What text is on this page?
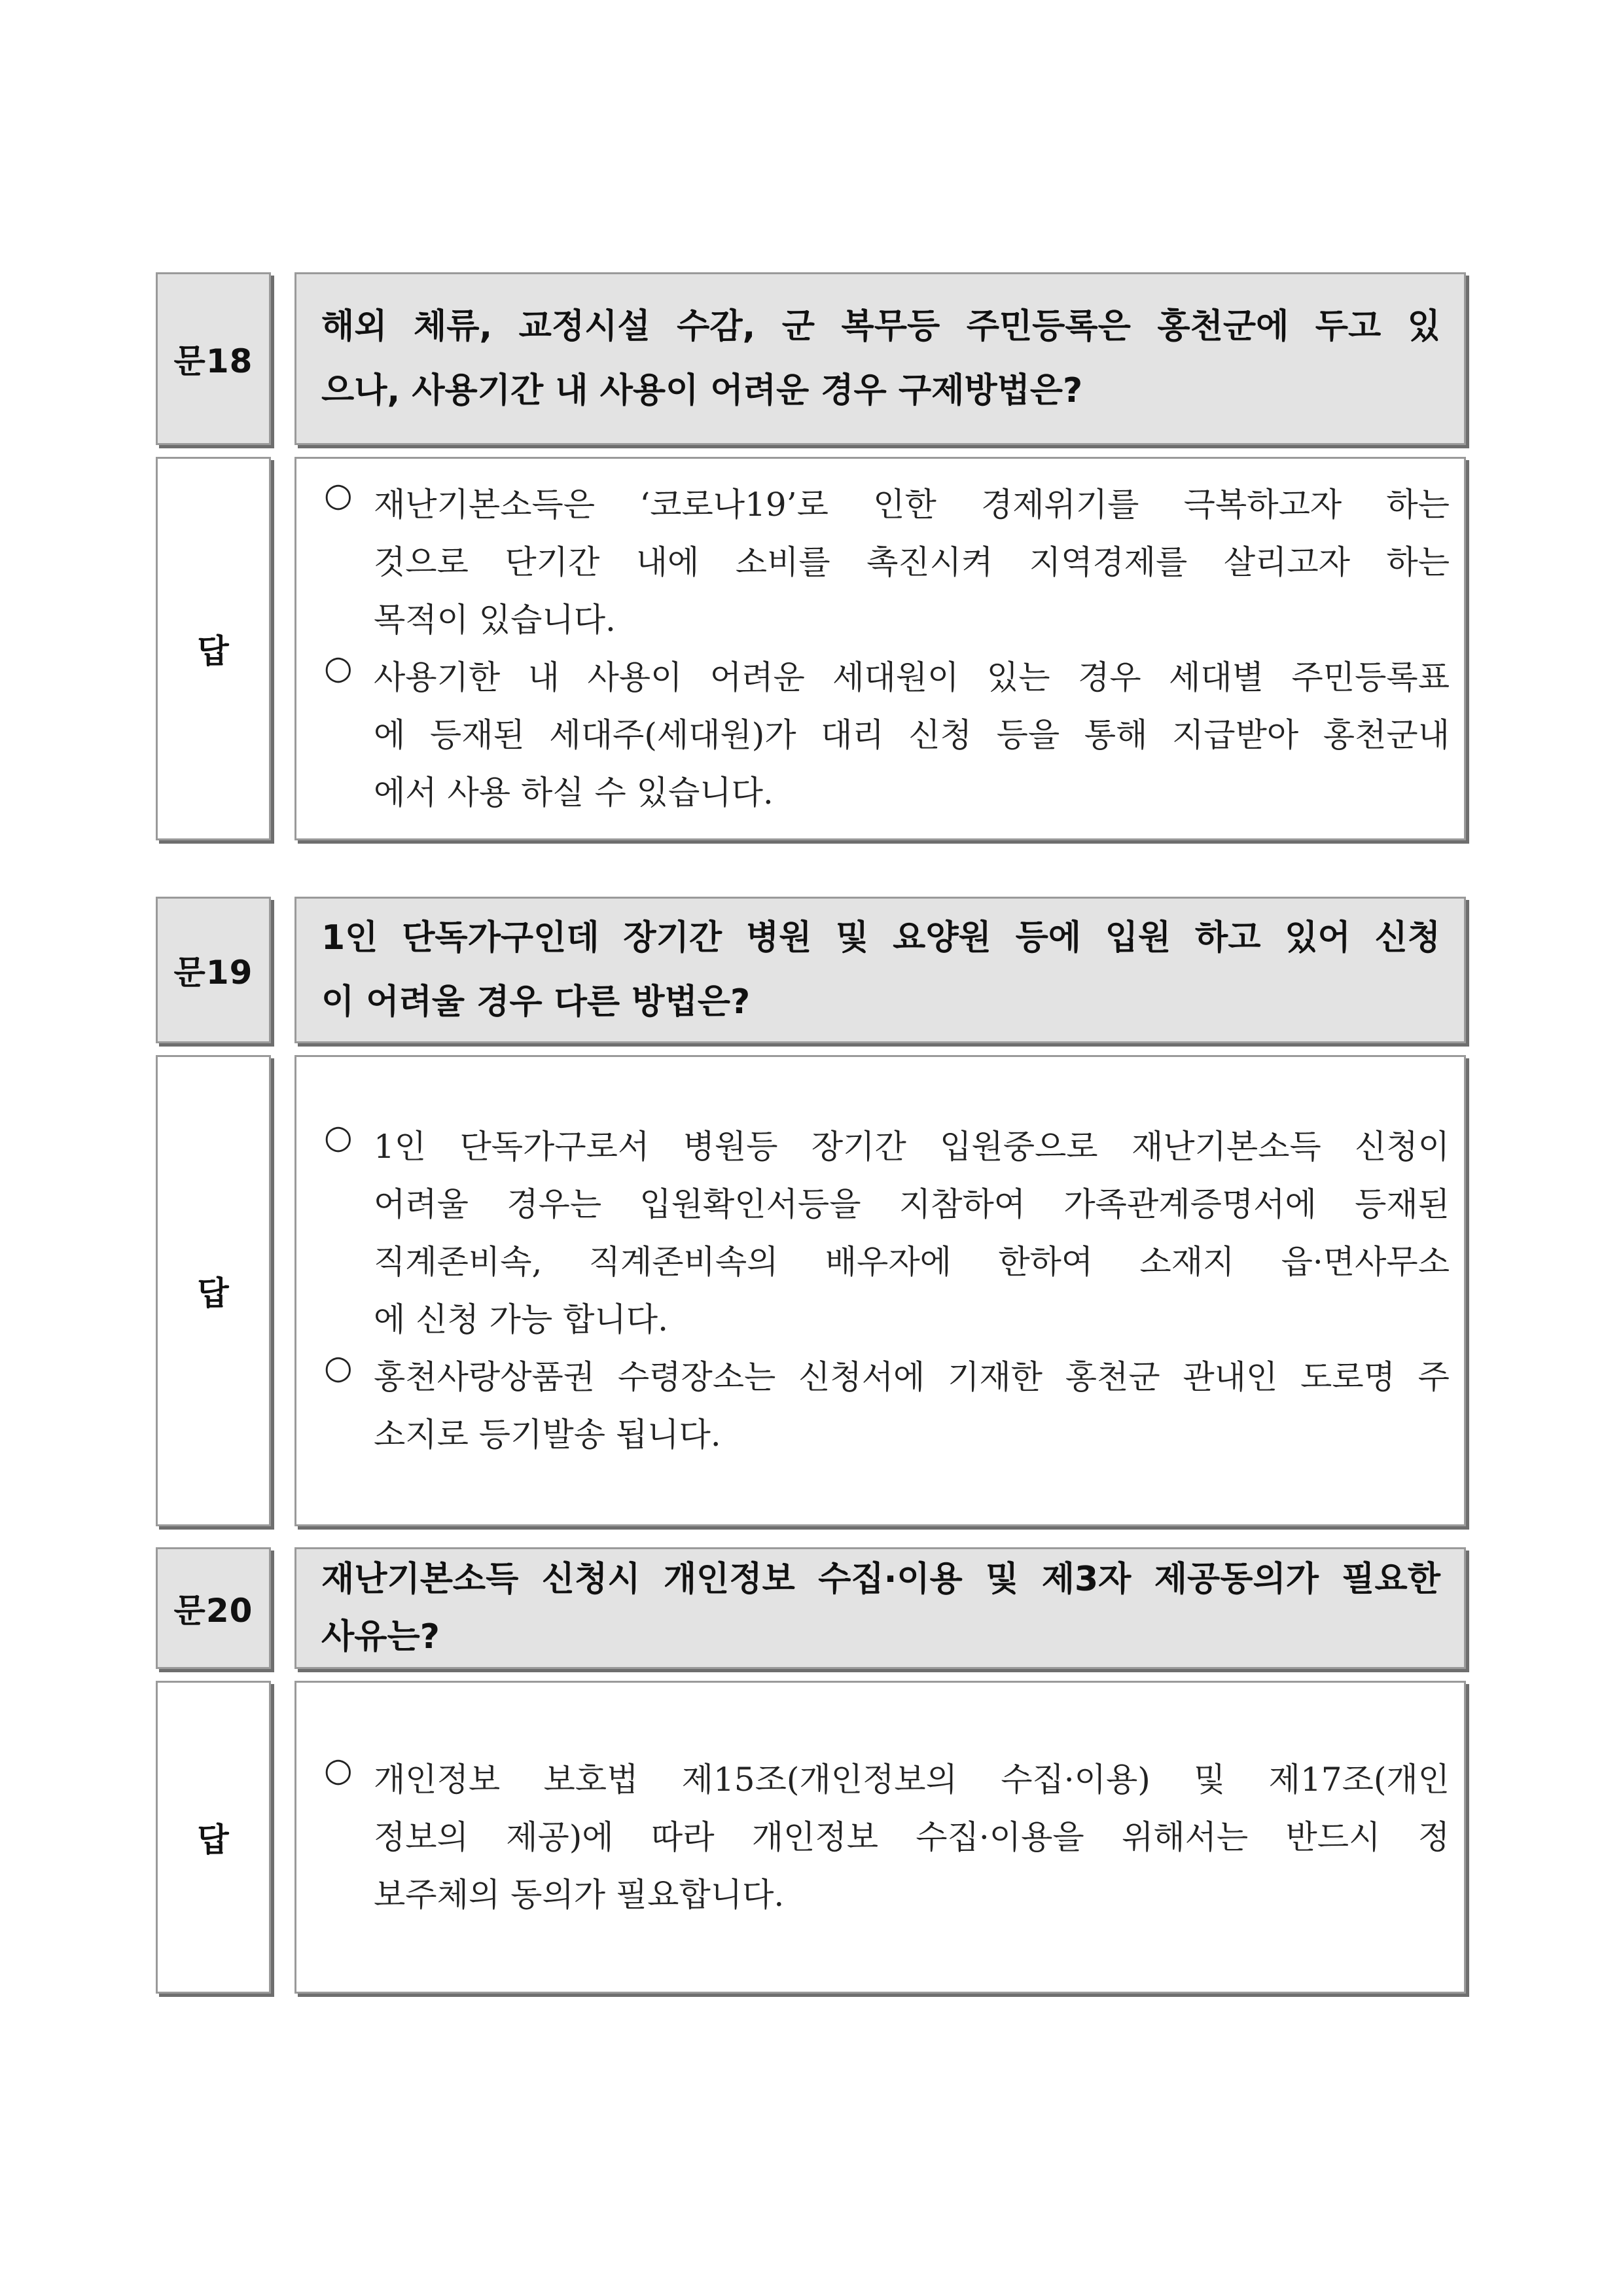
문18
해외 체류, 교정시설 수감, 군 복무등 주민등록은 홍천군에 두고 있
으나, 사용기간 내 사용이 어려운 경우 구제방법은?
답
○ 재난기본소득은 ‘코로나19’로 인한 경제위기를 극복하고자 하는
것으로 단기간 내에 소비를 촉진시켜 지역경제를 살리고자 하는
목적이 있습니다.
○ 사용기한 내 사용이 어려운 세대원이 있는 경우 세대별 주민등록표
에 등재된 세대주(세대원)가 대리 신청 등을 통해 지급받아 홍천군내
에서 사용 하실 수 있습니다.
문19
1인 단독가구인데 장기간 병원 및 요양원 등에 입원 하고 있어 신청
이 어려울 경우 다른 방법은?
답
○ 1인 단독가구로서 병원등 장기간 입원중으로 재난기본소득 신청이
어려울 경우는 입원확인서등을 지참하여 가족관계증명서에 등재된
직계존비속, 직계존비속의 배우자에 한하여 소재지 읍·면사무소
에 신청 가능 합니다.
○ 홍천사랑상품권 수령장소는 신청서에 기재한 홍천군 관내인 도로명 주
소지로 등기발송 됩니다.
문20
재난기본소득 신청시 개인정보 수집·이용 및 제3자 제공동의가 필요한
사유는?
답
○ 개인정보 보호법 제15조(개인정보의 수집·이용) 및 제17조(개인
정보의 제공)에 따라 개인정보 수집·이용을 위해서는 반드시 정
보주체의 동의가 필요합니다.
